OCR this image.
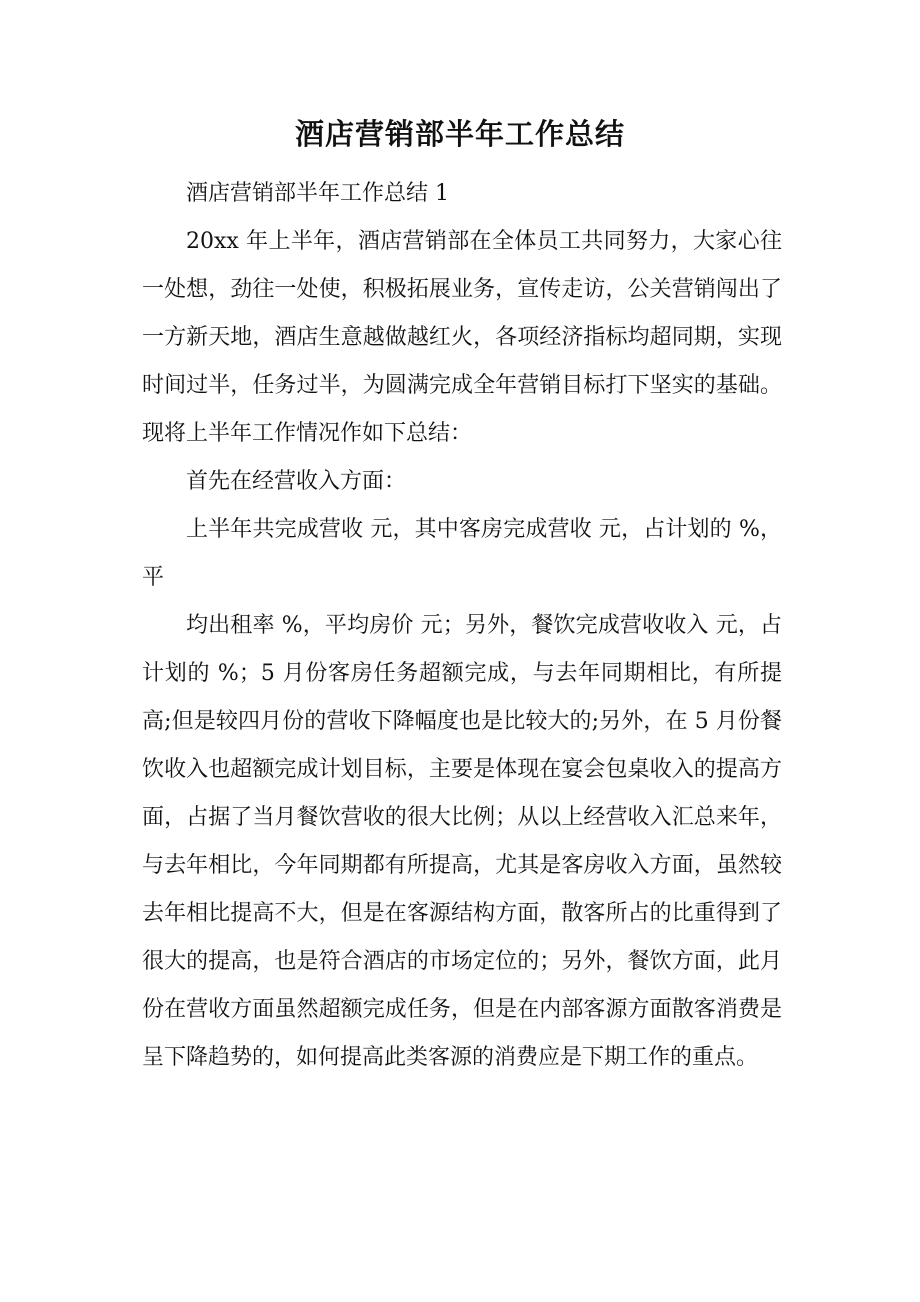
酒店营销部半年工作总结

酒店营销部半年工作总结 1

20xx 年上半年，酒店营销部在全体员工共同努力，大家心往一处想，劲往一处使，积极拓展业务，宣传走访，公关营销闯出了一方新天地，酒店生意越做越红火，各项经济指标均超同期，实现时间过半，任务过半，为圆满完成全年营销目标打下坚实的基础。现将上半年工作情况作如下总结：

首先在经营收入方面：

上半年共完成营收 元，其中客房完成营收 元，占计划的 %，平

均出租率 %，平均房价 元；另外，餐饮完成营收收入 元，占计划的 %；5 月份客房任务超额完成，与去年同期相比，有所提高;但是较四月份的营收下降幅度也是比较大的;另外，在 5 月份餐饮收入也超额完成计划目标，主要是体现在宴会包桌收入的提高方面，占据了当月餐饮营收的很大比例；从以上经营收入汇总来年，与去年相比，今年同期都有所提高，尤其是客房收入方面，虽然较去年相比提高不大，但是在客源结构方面，散客所占的比重得到了很大的提高，也是符合酒店的市场定位的；另外，餐饮方面，此月份在营收方面虽然超额完成任务，但是在内部客源方面散客消费是呈下降趋势的，如何提高此类客源的消费应是下期工作的重点。
